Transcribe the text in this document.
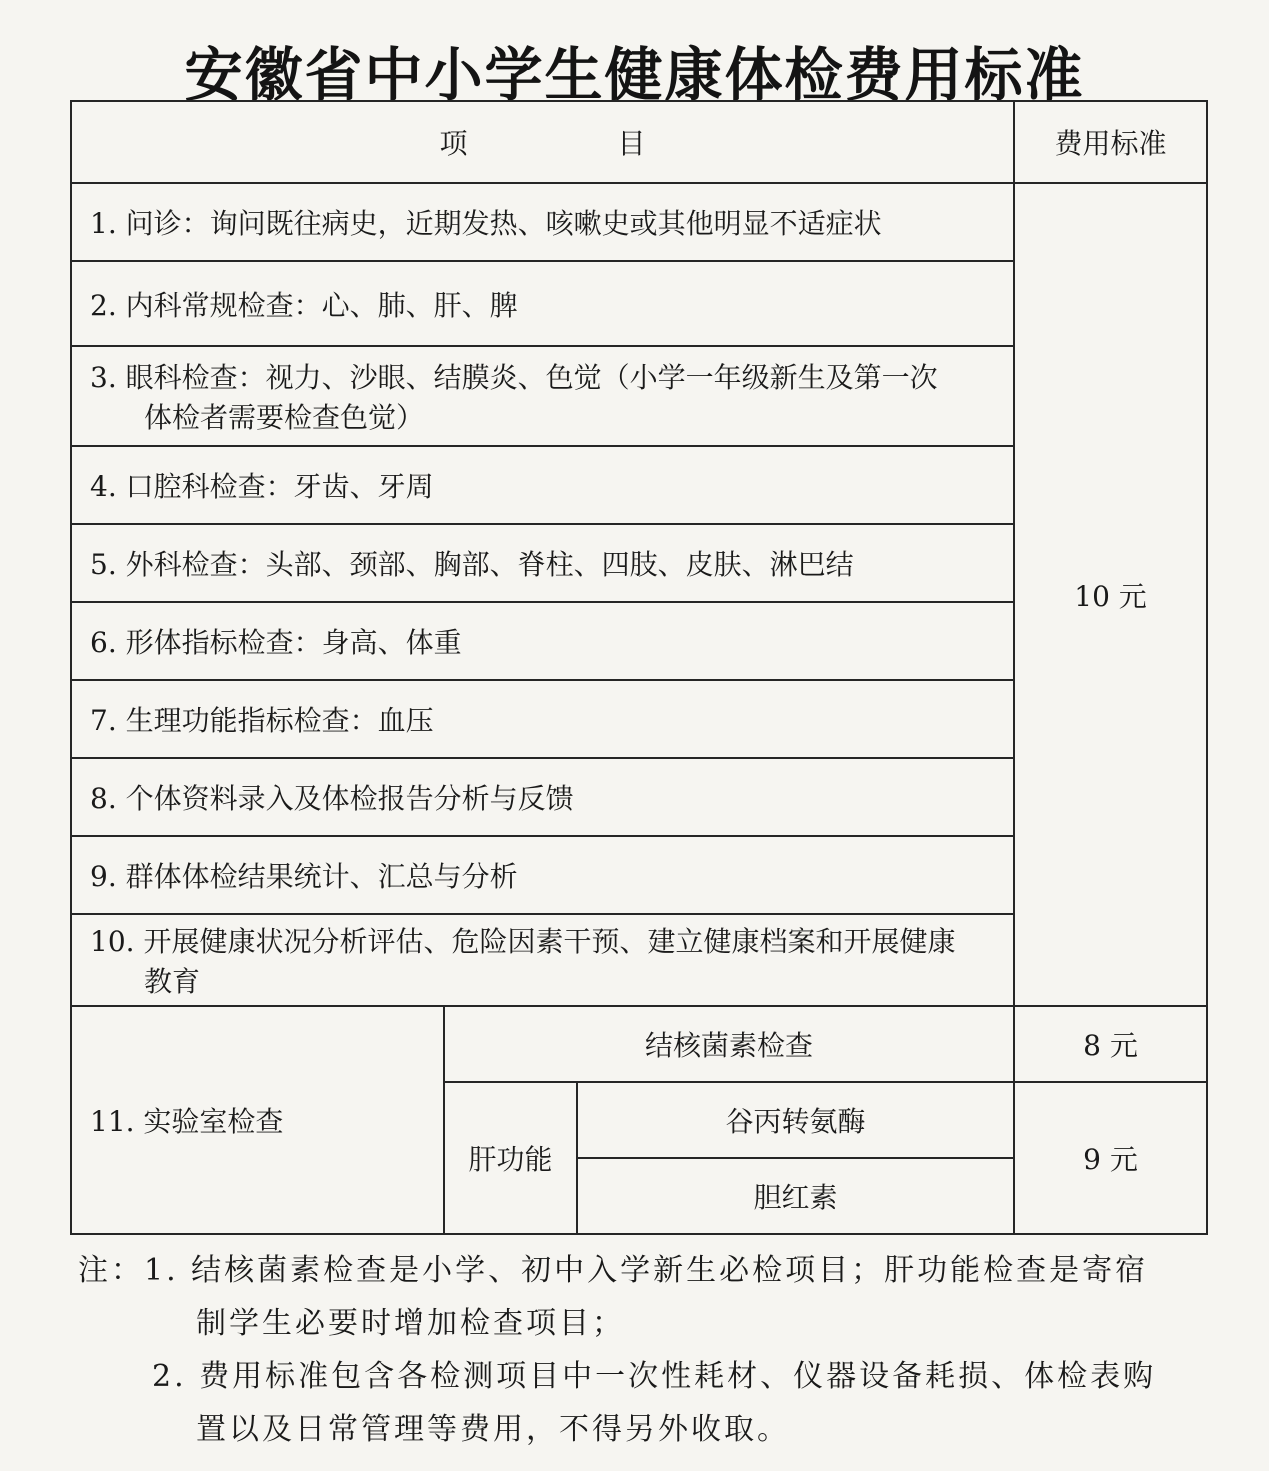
安徽省中小学生健康体检费用标准
项目			费用标准
1. 问诊：询问既往病史，近期发热、咳嗽史或其他明显不适症状			10 元
2. 内科常规检查：心、肺、肝、脾			
3. 眼科检查：视力、沙眼、结膜炎、色觉（小学一年级新生及第一次
体检者需要检查色觉）			

4. 口腔科检查：牙齿、牙周			
5. 外科检查：头部、颈部、胸部、脊柱、四肢、皮肤、淋巴结			
6. 形体指标检查：身高、体重			
7. 生理功能指标检查：血压			
8. 个体资料录入及体检报告分析与反馈			
9. 群体体检结果统计、汇总与分析			
10. 开展健康状况分析评估、危险因素干预、建立健康档案和开展健康
教育			

11. 实验室检查	结核菌素检查		8 元
	肝功能	谷丙转氨酶	9 元
		胆红素	
注：1. 结核菌素检查是小学、初中入学新生必检项目；肝功能检查是寄宿
制学生必要时增加检查项目；
2. 费用标准包含各检测项目中一次性耗材、仪器设备耗损、体检表购
置以及日常管理等费用，不得另外收取。
